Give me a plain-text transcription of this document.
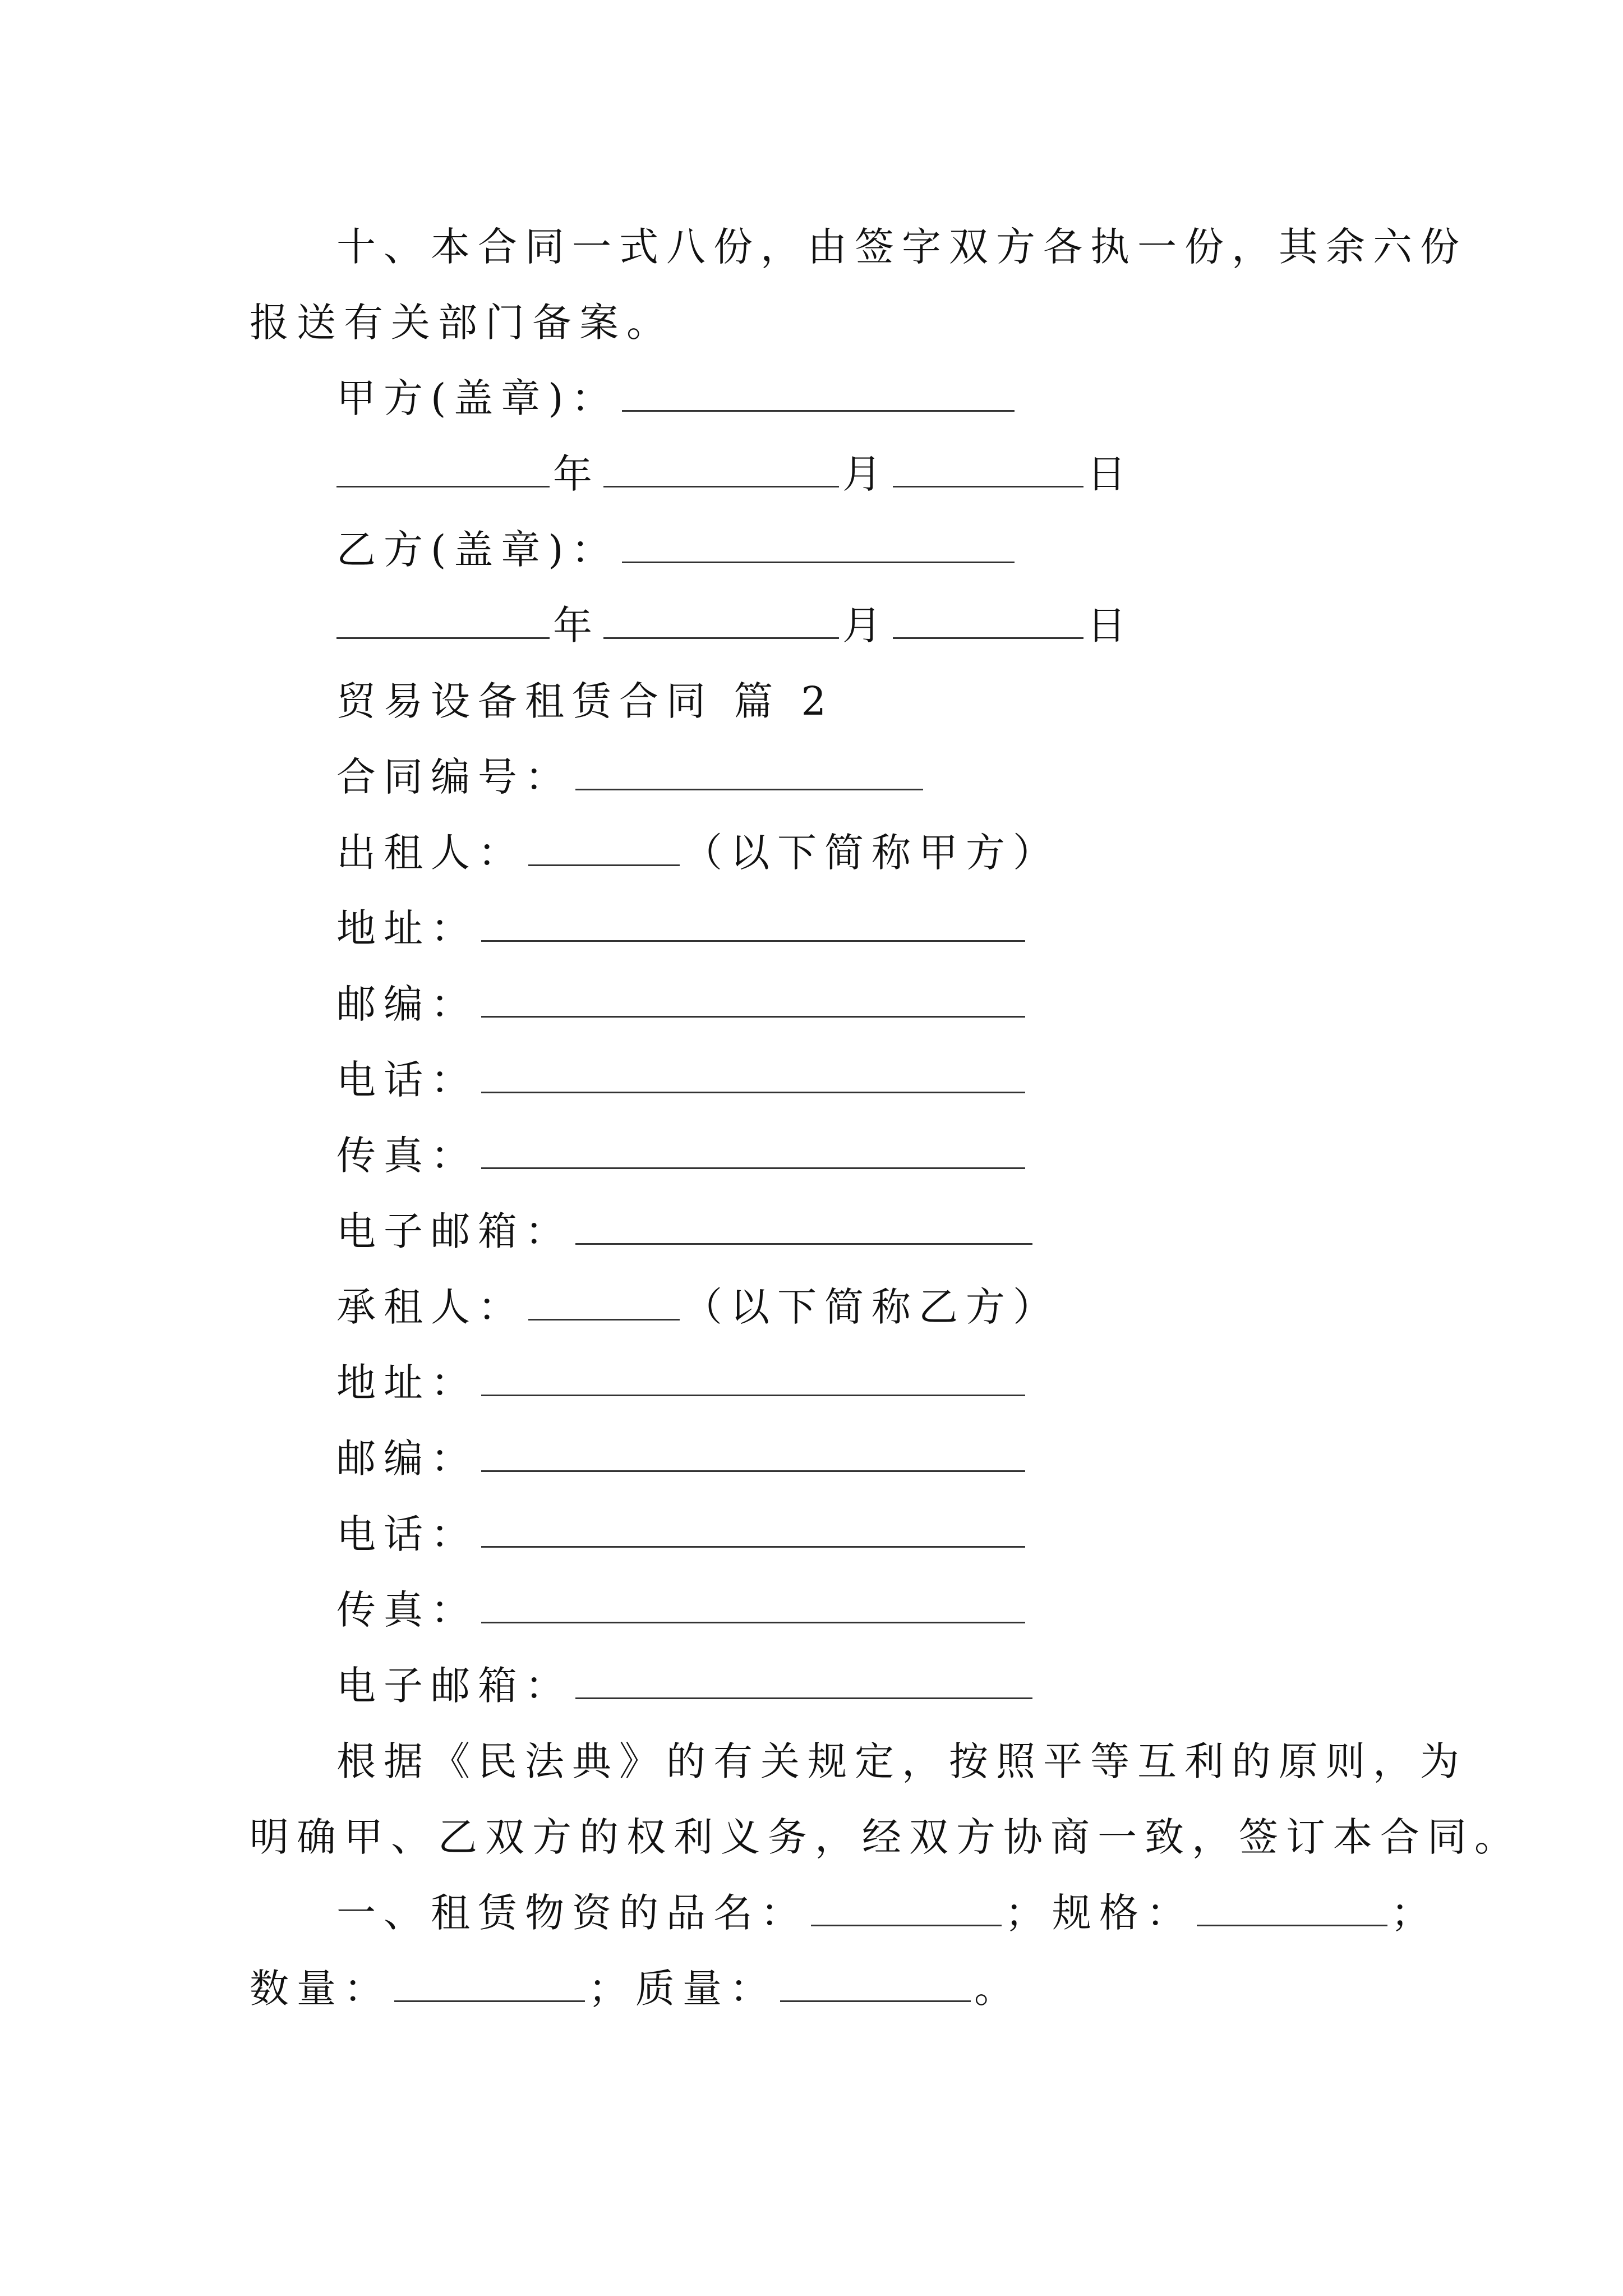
十、本合同一式八份，由签字双方各执一份，其余六份
报送有关部门备案。
甲方(盖章)：
年	月	日
乙方(盖章)：
年	月	日
贸易设备租赁合同 篇 2
合同编号：
出租人：	（以下简称甲方）
地址：
邮编：
电话：
传真：
电子邮箱：
承租人：	（以下简称乙方）
地址：
邮编：
电话：
传真：
电子邮箱：
根据《民法典》的有关规定，按照平等互利的原则，为
明确甲、乙双方的权利义务，经双方协商一致，签订本合同。
一、租赁物资的品名：	；规格：	；
数量：	；质量：	。
